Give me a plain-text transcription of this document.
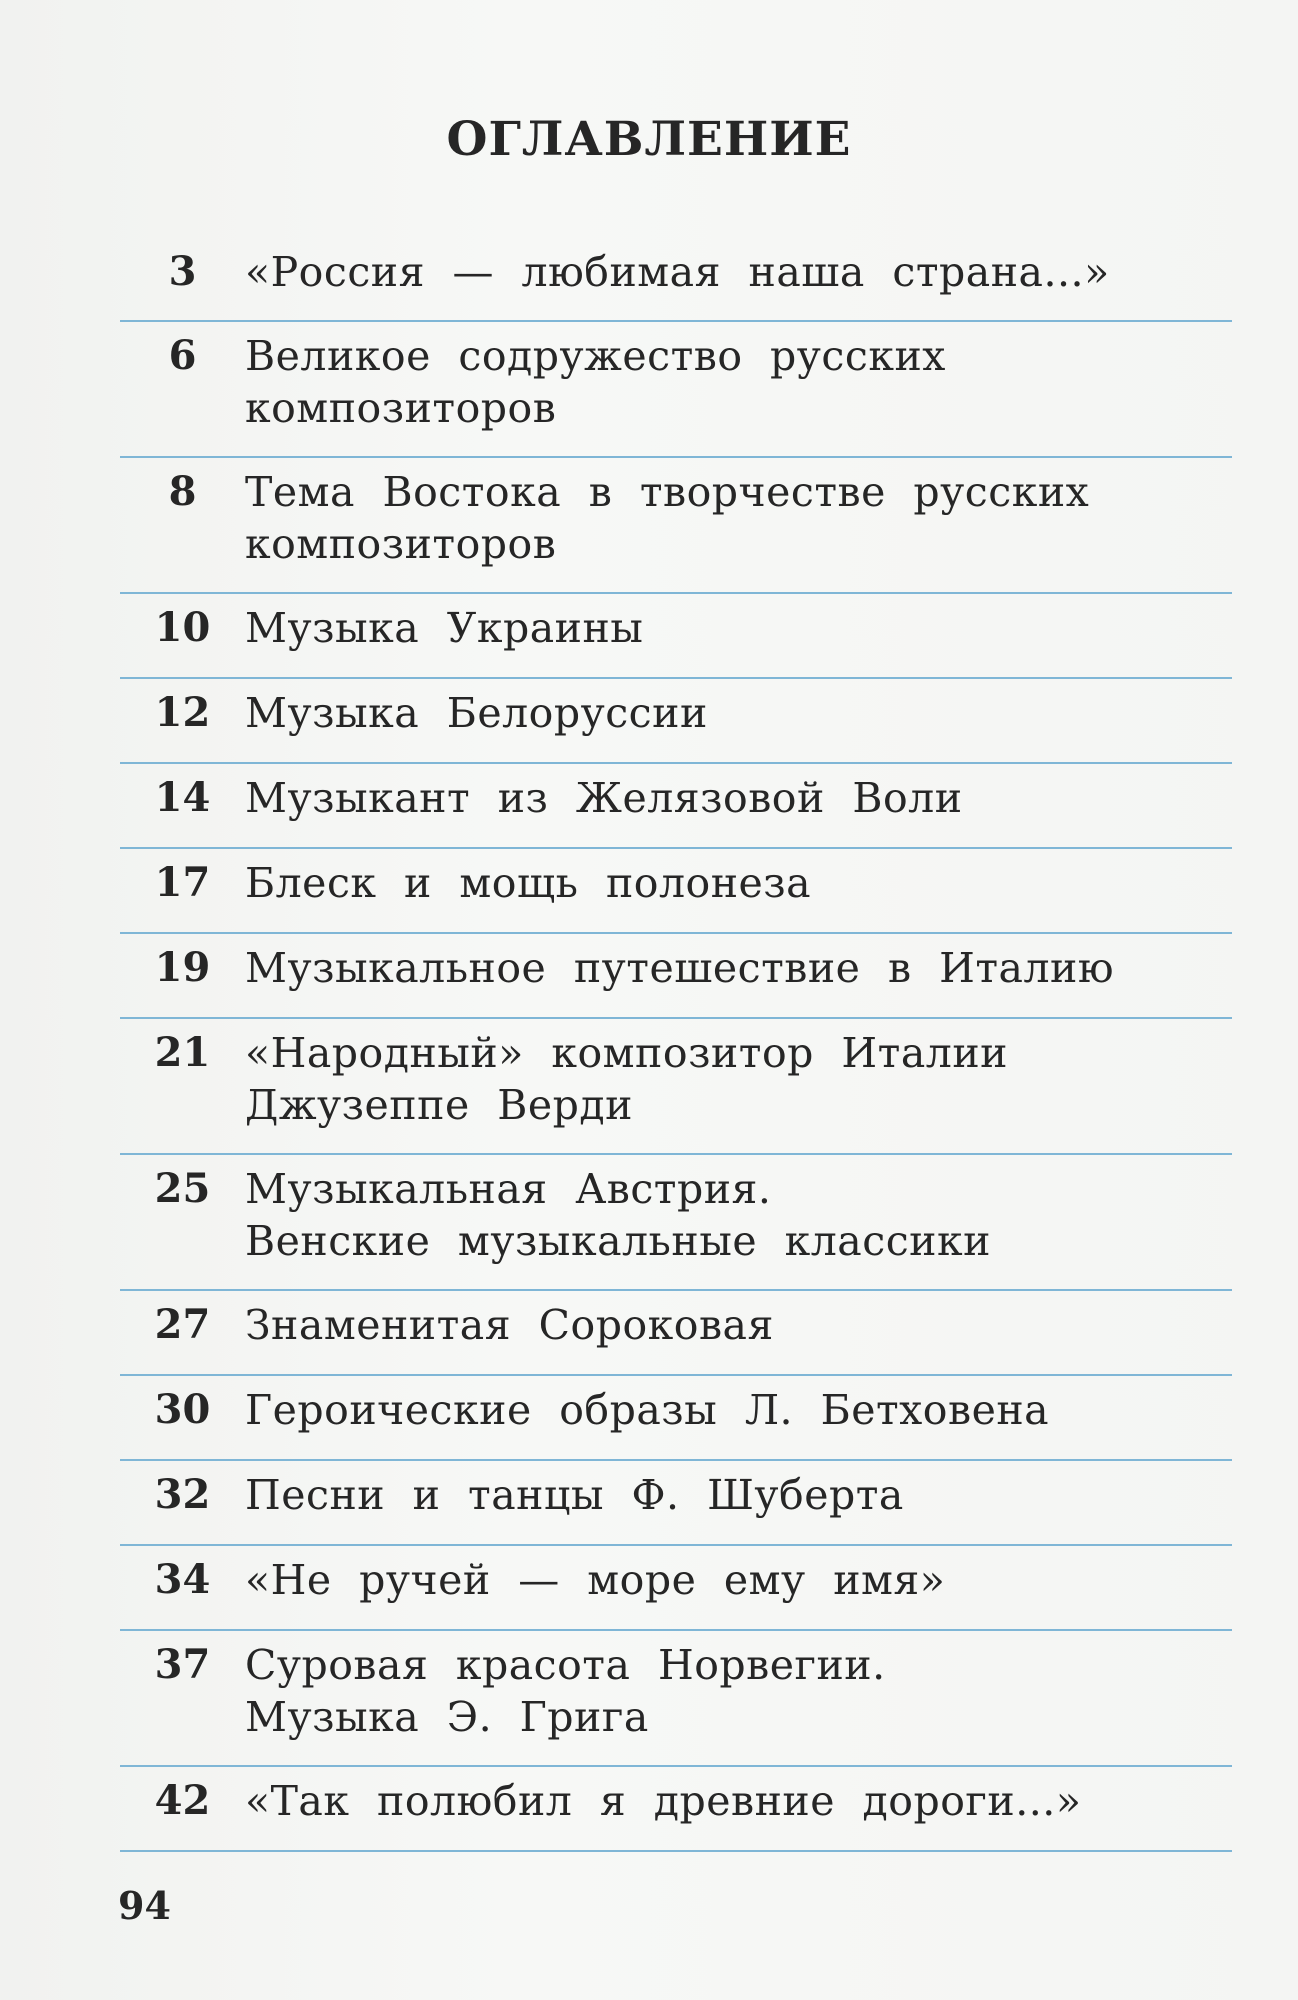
ОГЛАВЛЕНИЕ
3	«Россия — любимая наша страна...»
6	Великое содружество русских
композиторов
8	Тема Востока в творчестве русских
композиторов
10 Музыка Украины
12 Музыка Белоруссии
14 Музыкант из Желязовой Воли
17 Блеск и мощь полонеза
19 Музыкальное путешествие в Италию
21 «Народный» композитор Италии
Джузеппе Верди
25 Музыкальная Австрия.
Венские музыкальные классики
27 Знаменитая Сороковая
30 Героические образы Л. Бетховена
32 Песни и танцы Ф. Шуберта
34 «Не ручей — море ему имя»
37 Суровая красота Норвегии.
Музыка Э. Грига
42 «Так полюбил я древние дороги...»
94
